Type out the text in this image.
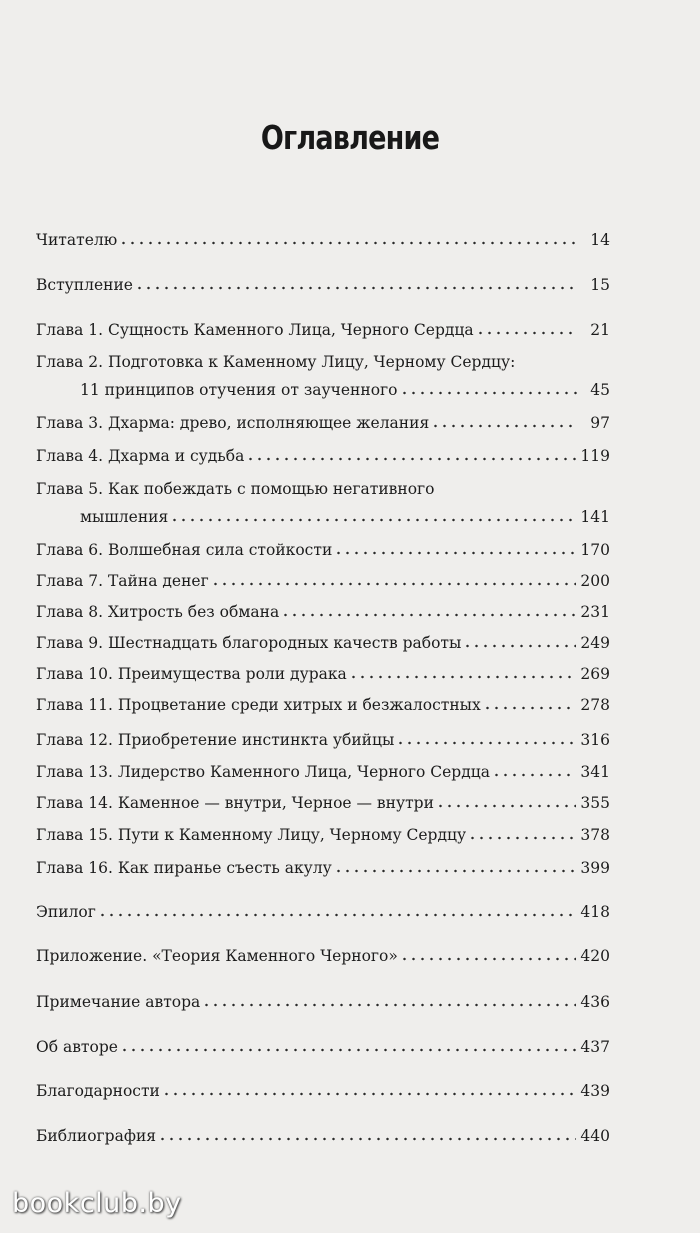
Оглавление
Читателю	14
Вступление	15
Глава 1. Сущность Каменного Лица, Черного Сердца	21
Глава 2. Подготовка к Каменному Лицу, Черному Сердцу:
11 принципов отучения от заученного	45
Глава 3. Дхарма: древо, исполняющее желания	97
Глава 4. Дхарма и судьба	119
Глава 5. Как побеждать с помощью негативного
мышления	141
Глава 6. Волшебная сила стойкости	170
Глава 7. Тайна денег	200
Глава 8. Хитрость без обмана	231
Глава 9. Шестнадцать благородных качеств работы	249
Глава 10. Преимущества роли дурака	269
Глава 11. Процветание среди хитрых и безжалостных	278
Глава 12. Приобретение инстинкта убийцы	316
Глава 13. Лидерство Каменного Лица, Черного Сердца	341
Глава 14. Каменное — внутри, Черное — внутри	355
Глава 15. Пути к Каменному Лицу, Черному Сердцу	378
Глава 16. Как пиранье съесть акулу	399
Эпилог	418
Приложение. «Теория Каменного Черного»	420
Примечание автора	436
Об авторе	437
Благодарности	439
Библиография	440
bookclub.by
